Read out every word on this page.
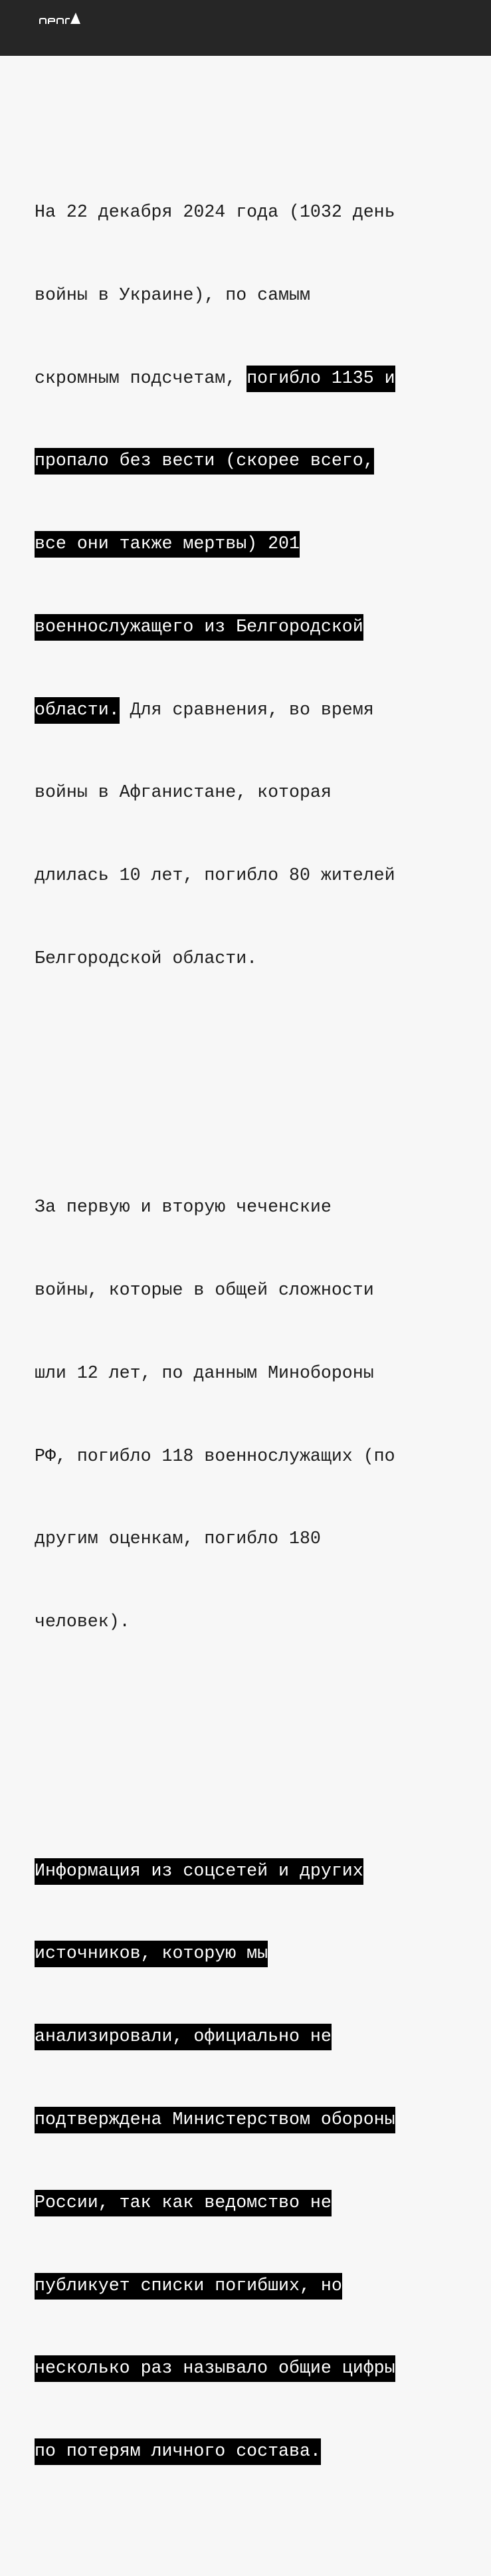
На 22 декабря 2024 года (1032 день

войны в Украине), по самым

скромным подсчетам, погибло 1135 и

пропало без вести (скорее всего,

все они также мертвы) 201

военнослужащего из Белгородской

области. Для сравнения, во время

войны в Афганистане, которая

длилась 10 лет, погибло 80 жителей

Белгородской области.

За первую и вторую чеченские

войны, которые в общей сложности

шли 12 лет, по данным Минобороны

РФ, погибло 118 военнослужащих (по

другим оценкам, погибло 180

человек).

Информация из соцсетей и других

источников, которую мы

анализировали, официально не

подтверждена Министерством обороны

России, так как ведомство не

публикует списки погибших, но

несколько раз называло общие цифры

по потерям личного состава.
